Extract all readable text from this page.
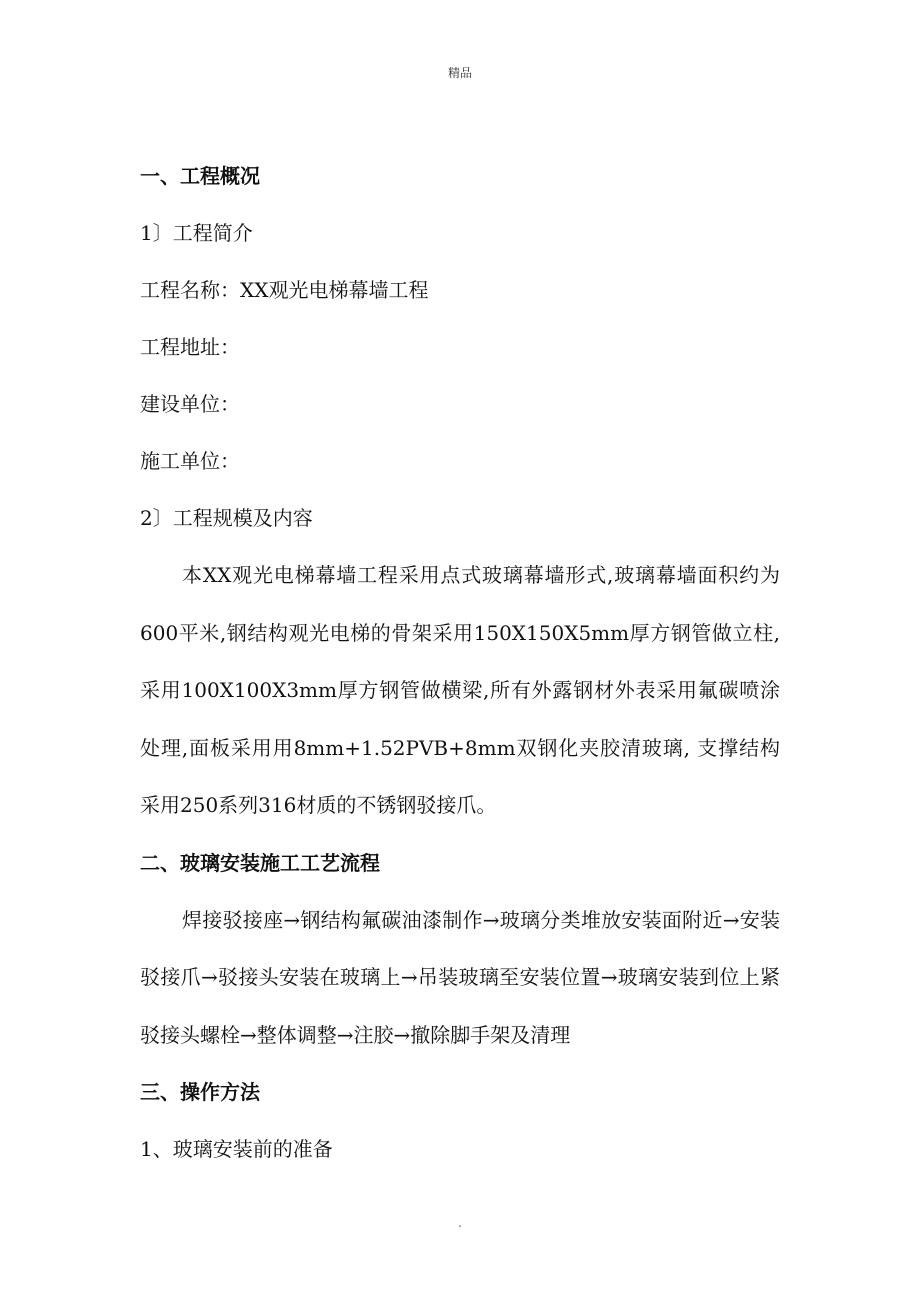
精品
一、工程概况
1〕工程简介
工程名称：XX观光电梯幕墙工程
工程地址：
建设单位：
施工单位：
2〕工程规模及内容

本XX观光电梯幕墙工程采用点式玻璃幕墙形式,玻璃幕墙面积约为600平米,钢结构观光电梯的骨架采用150X150X5mm厚方钢管做立柱,采用100X100X3mm厚方钢管做横梁,所有外露钢材外表采用氟碳喷涂处理,面板采用用8mm+1.52PVB+8mm双钢化夹胶清玻璃, 支撑结构采用250系列316材质的不锈钢驳接爪。

二、玻璃安装施工工艺流程

焊接驳接座→钢结构氟碳油漆制作→玻璃分类堆放安装面附近→安装驳接爪→驳接头安装在玻璃上→吊装玻璃至安装位置→玻璃安装到位上紧驳接头螺栓→整体调整→注胶→撤除脚手架及清理

三、操作方法
1、玻璃安装前的准备
.
